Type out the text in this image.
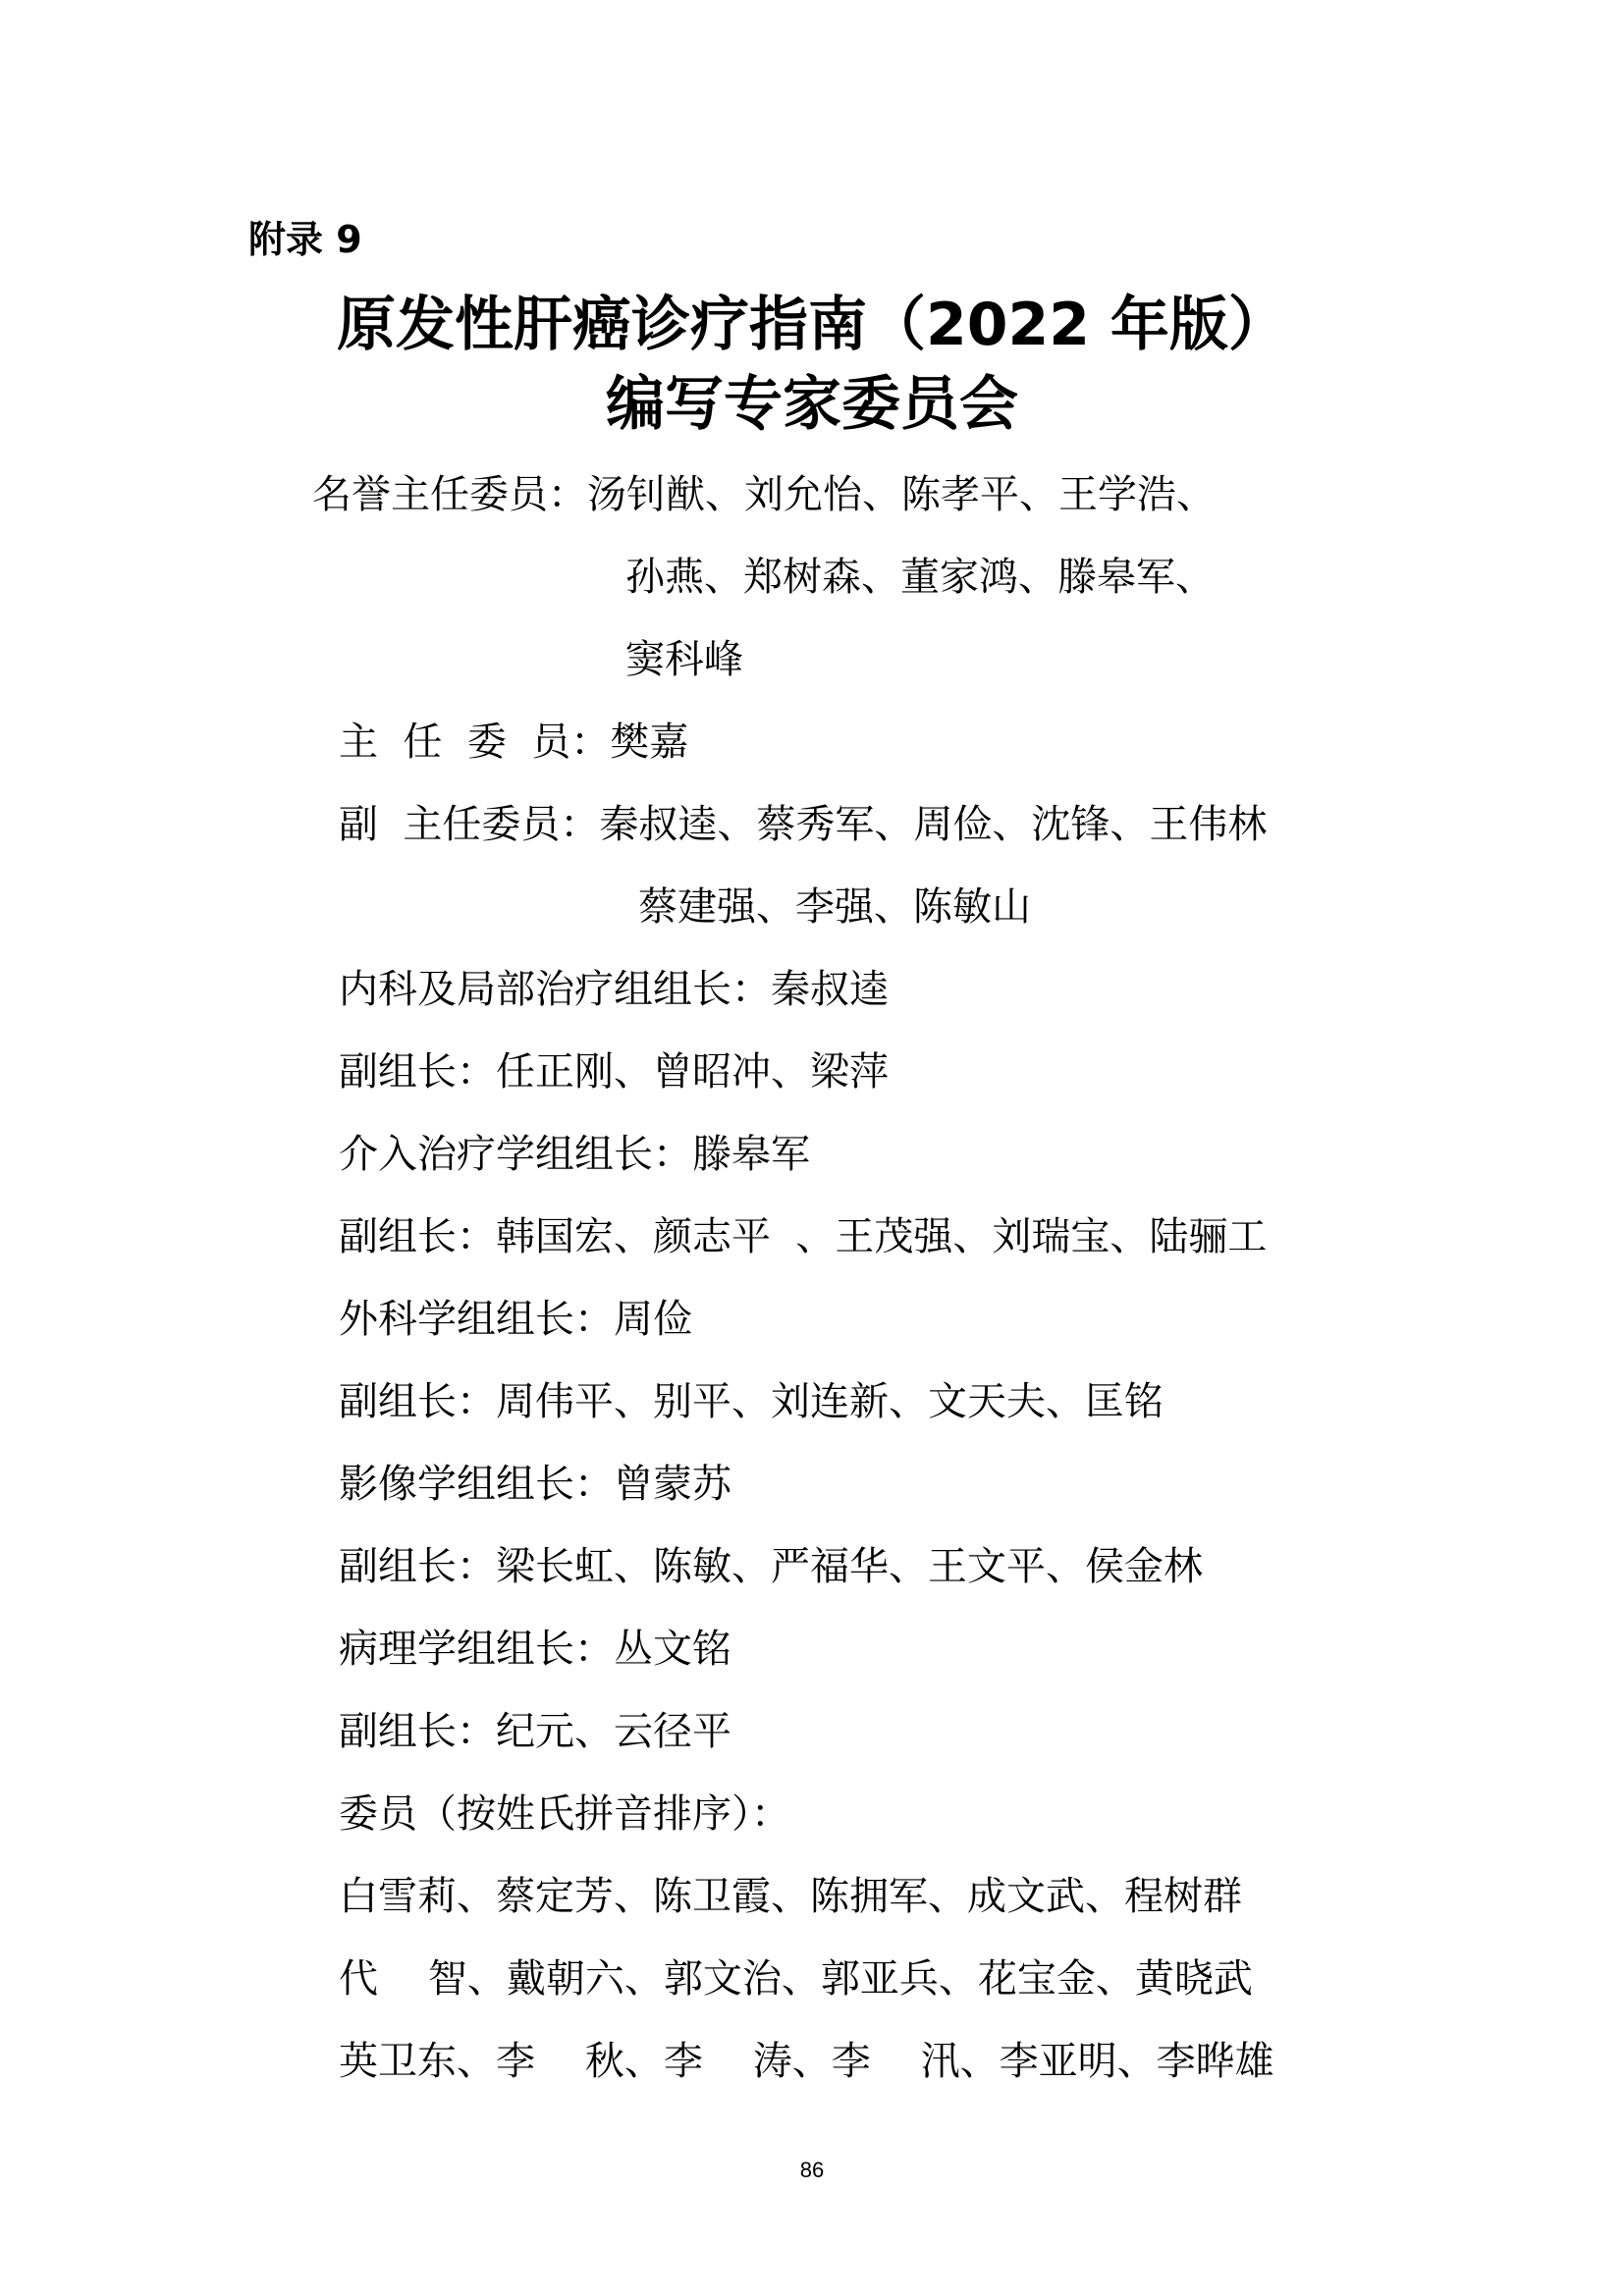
附录 9
原发性肝癌诊疗指南（2022 年版）
编写专家委员会
名誉主任委员：汤钊猷、刘允怡、陈孝平、王学浩、
孙燕、郑树森、董家鸿、滕皋军、
窦科峰
主  任  委  员：樊嘉
副  主任委员：秦叔逵、蔡秀军、周俭、沈锋、王伟林
蔡建强、李强、陈敏山
内科及局部治疗组组长：秦叔逵
副组长：任正刚、曾昭冲、梁萍
介入治疗学组组长：滕皋军
副组长：韩国宏、颜志平  、王茂强、刘瑞宝、陆骊工
外科学组组长：周俭
副组长：周伟平、别平、刘连新、文天夫、匡铭
影像学组组长：曾蒙苏
副组长：梁长虹、陈敏、严福华、王文平、侯金林
病理学组组长：丛文铭
副组长：纪元、云径平
委员（按姓氏拼音排序）：
白雪莉、蔡定芳、陈卫霞、陈拥军、成文武、程树群
代    智、戴朝六、郭文治、郭亚兵、花宝金、黄晓武
英卫东、李    秋、李    涛、李    汛、李亚明、李晔雄
86
